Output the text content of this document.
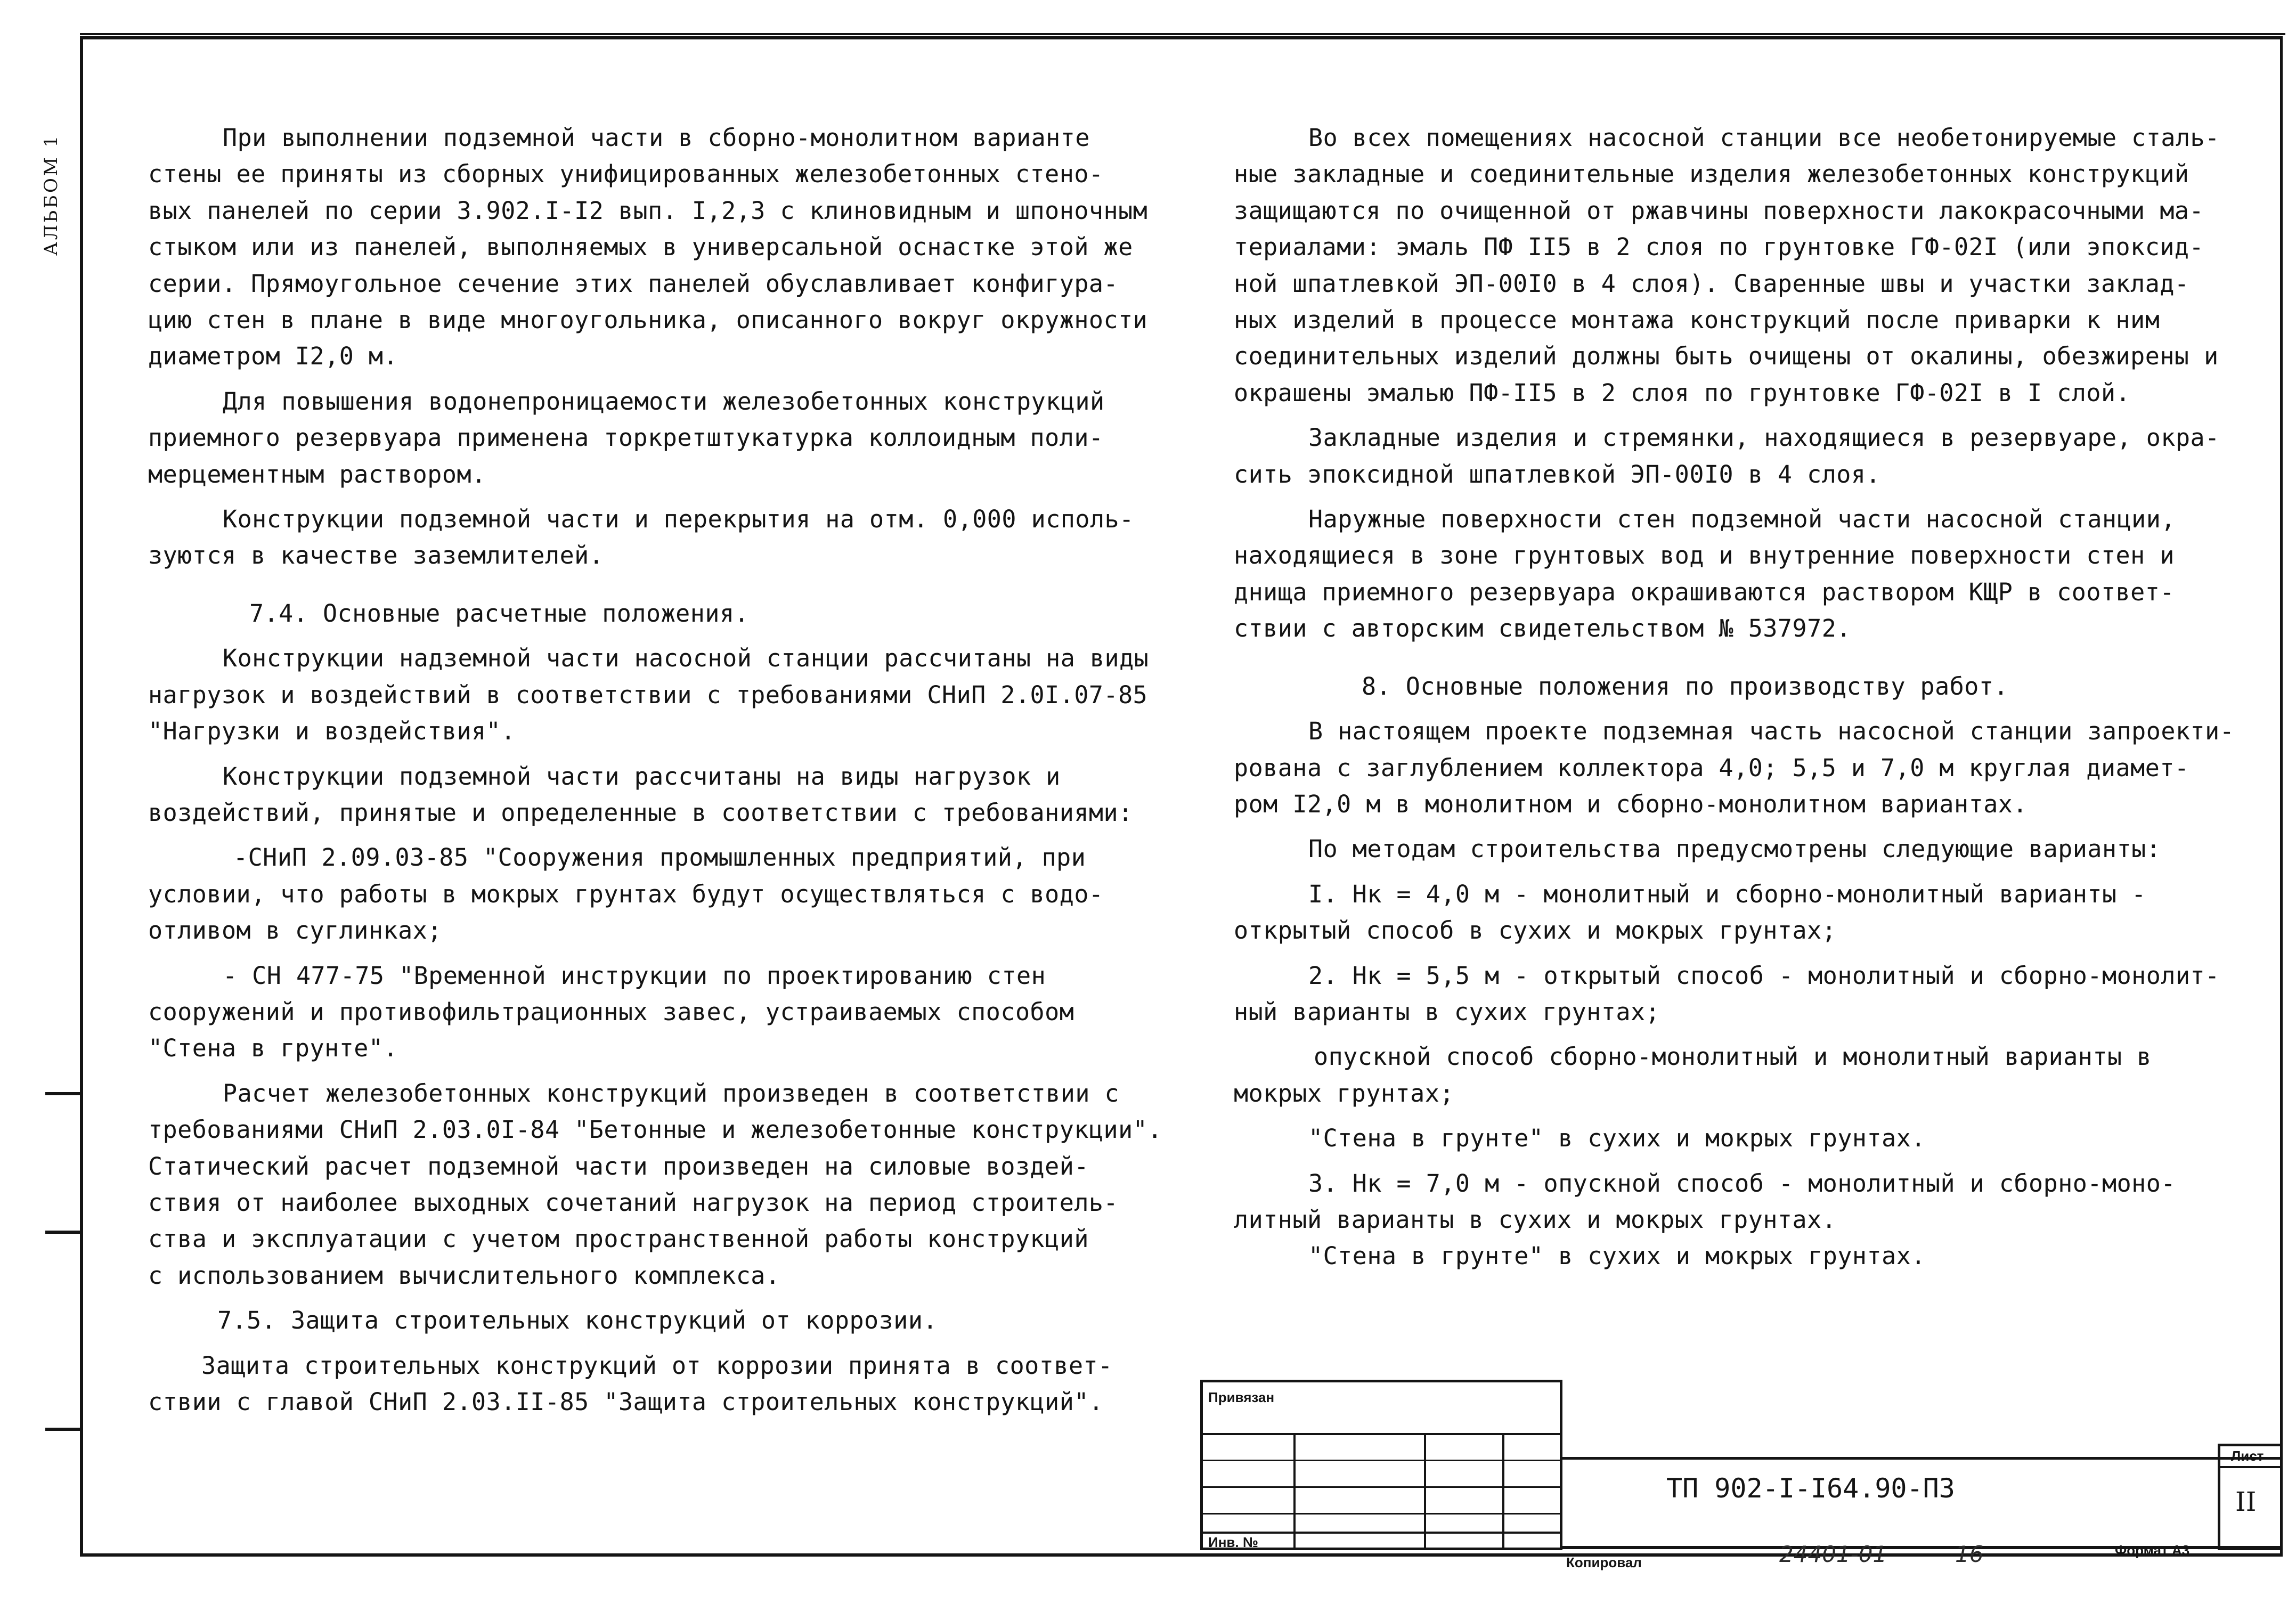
АЛЬБОМ 1	При выполнении подземной части в сборно-монолитном варианте
стены ее приняты из сборных унифицированных железобетонных стено-
вых панелей по серии 3.902.I-I2 вып. I,2,3 с клиновидным и шпоночным
стыком или из панелей, выполняемых в универсальной оснастке этой же
серии. Прямоугольное сечение этих панелей обуславливает конфигура-
цию стен в плане в виде многоугольника, описанного вокруг окружности
диаметром I2,0 м.

Для повышения водонепроницаемости железобетонных конструкций
приемного резервуара применена торкретштукатурка коллоидным поли-
мерцементным раствором.

Конструкции подземной части и перекрытия на отм. 0,000 исполь-
зуются в качестве заземлителей.

7.4. Основные расчетные положения.

Конструкции надземной части насосной станции рассчитаны на виды
нагрузок и воздействий в соответствии с требованиями СНиП 2.0I.07-85
"Нагрузки и воздействия".

Конструкции подземной части рассчитаны на виды нагрузок и
воздействий, принятые и определенные в соответствии с требованиями:

-СНиП 2.09.03-85 "Сооружения промышленных предприятий, при
условии, что работы в мокрых грунтах будут осуществляться с водо-
отливом в суглинках;

- СН 477-75 "Временной инструкции по проектированию стен
сооружений и противофильтрационных завес, устраиваемых способом
"Стена в грунте".

Расчет железобетонных конструкций произведен в соответствии с
требованиями СНиП 2.03.0I-84 "Бетонные и железобетонные конструкции".
Статический расчет подземной части произведен на силовые воздей-
ствия от наиболее выходных сочетаний нагрузок на период строитель-
ства и эксплуатации с учетом пространственной работы конструкций
с использованием вычислительного комплекса.

7.5. Защита строительных конструкций от коррозии.

Защита строительных конструкций от коррозии принята в соответ-
ствии с главой СНиП 2.03.II-85 "Защита строительных конструкций".

Во всех помещениях насосной станции все необетонируемые сталь-
ные закладные и соединительные изделия железобетонных конструкций
защищаются по очищенной от ржавчины поверхности лакокрасочными ма-
териалами: эмаль ПФ II5 в 2 слоя по грунтовке ГФ-02I (или эпоксид-
ной шпатлевкой ЭП-00I0 в 4 слоя). Сваренные швы и участки заклад-
ных изделий в процессе монтажа конструкций после приварки к ним
соединительных изделий должны быть очищены от окалины, обезжирены и
окрашены эмалью ПФ-II5 в 2 слоя по грунтовке ГФ-02I в I слой.

Закладные изделия и стремянки, находящиеся в резервуаре, окра-
сить эпоксидной шпатлевкой ЭП-00I0 в 4 слоя.

Наружные поверхности стен подземной части насосной станции,
находящиеся в зоне грунтовых вод и внутренние поверхности стен и
днища приемного резервуара окрашиваются раствором КЩР в соответ-
ствии с авторским свидетельством № 537972.

8. Основные положения по производству работ.

В настоящем проекте подземная часть насосной станции запроекти-
рована с заглублением коллектора 4,0; 5,5 и 7,0 м круглая диамет-
ром I2,0 м в монолитном и сборно-монолитном вариантах.

По методам строительства предусмотрены следующие варианты:

I. Нк = 4,0 м - монолитный и сборно-монолитный варианты -
открытый способ в сухих и мокрых грунтах;

2. Нк = 5,5 м - открытый способ - монолитный и сборно-монолит-
ный варианты в сухих грунтах;

опускной способ сборно-монолитный и монолитный варианты в
мокрых грунтах;

"Стена в грунте" в сухих и мокрых грунтах.

3. Нк = 7,0 м - опускной способ - монолитный и сборно-моно-
литный варианты в сухих и мокрых грунтах.

"Стена в грунте" в сухих и мокрых грунтах.

Привязан
Инв. №
ТП 902-I-I64.90-ПЗ
Лист
II
Копировал	24401-01	16	Формат А3
